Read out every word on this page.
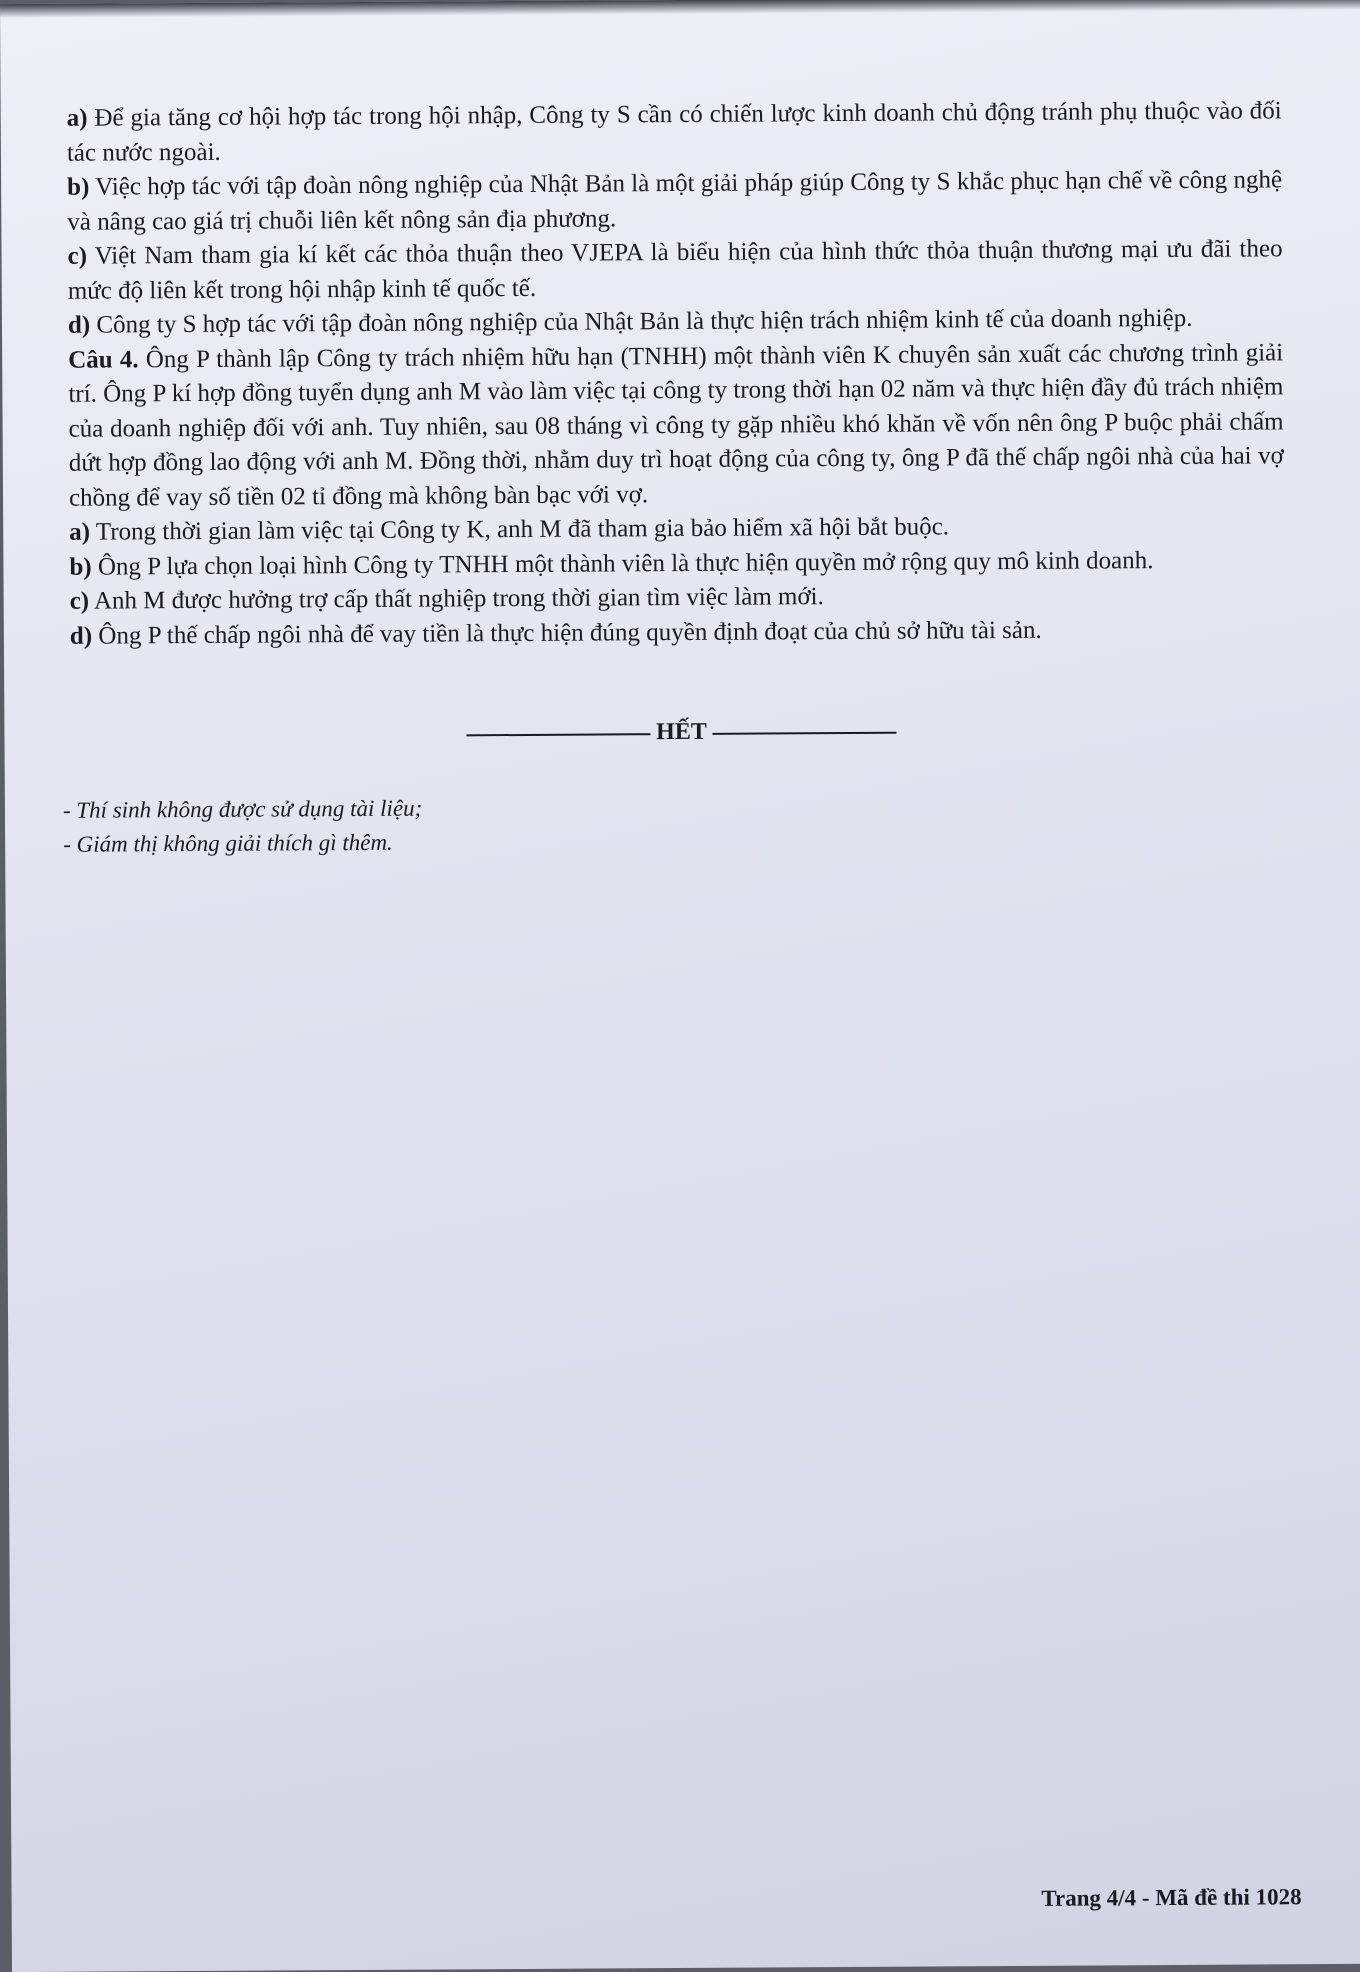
a) Để gia tăng cơ hội hợp tác trong hội nhập, Công ty S cần có chiến lược kinh doanh chủ động tránh phụ thuộc vào đối tác nước ngoài.

b) Việc hợp tác với tập đoàn nông nghiệp của Nhật Bản là một giải pháp giúp Công ty S khắc phục hạn chế về công nghệ và nâng cao giá trị chuỗi liên kết nông sản địa phương.

c) Việt Nam tham gia kí kết các thỏa thuận theo VJEPA là biểu hiện của hình thức thỏa thuận thương mại ưu đãi theo mức độ liên kết trong hội nhập kinh tế quốc tế.

d) Công ty S hợp tác với tập đoàn nông nghiệp của Nhật Bản là thực hiện trách nhiệm kinh tế của doanh nghiệp.

Câu 4. Ông P thành lập Công ty trách nhiệm hữu hạn (TNHH) một thành viên K chuyên sản xuất các chương trình giải trí. Ông P kí hợp đồng tuyển dụng anh M vào làm việc tại công ty trong thời hạn 02 năm và thực hiện đầy đủ trách nhiệm của doanh nghiệp đối với anh. Tuy nhiên, sau 08 tháng vì công ty gặp nhiều khó khăn về vốn nên ông P buộc phải chấm dứt hợp đồng lao động với anh M. Đồng thời, nhằm duy trì hoạt động của công ty, ông P đã thế chấp ngôi nhà của hai vợ chồng để vay số tiền 02 tỉ đồng mà không bàn bạc với vợ.

a) Trong thời gian làm việc tại Công ty K, anh M đã tham gia bảo hiểm xã hội bắt buộc.

b) Ông P lựa chọn loại hình Công ty TNHH một thành viên là thực hiện quyền mở rộng quy mô kinh doanh.

c) Anh M được hưởng trợ cấp thất nghiệp trong thời gian tìm việc làm mới.

d) Ông P thế chấp ngôi nhà để vay tiền là thực hiện đúng quyền định đoạt của chủ sở hữu tài sản.

HẾT
- Thí sinh không được sử dụng tài liệu;
- Giám thị không giải thích gì thêm.
Trang 4/4 - Mã đề thi 1028
